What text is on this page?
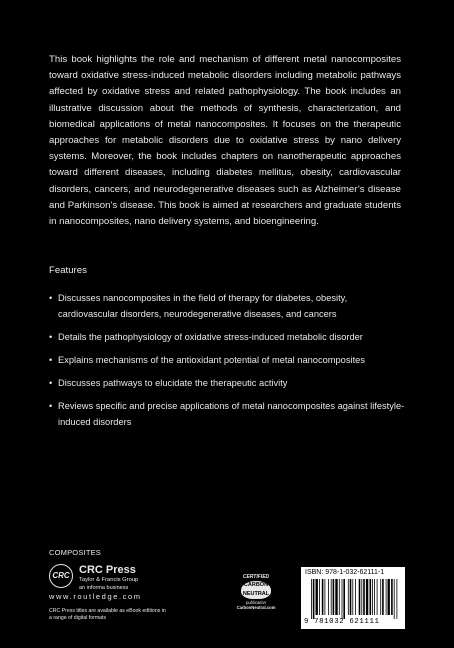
This book highlights the role and mechanism of different metal nanocomposites toward oxidative stress-induced metabolic disorders including metabolic pathways affected by oxidative stress and related pathophysiology. The book includes an illustrative discussion about the methods of synthesis, characterization, and biomedical applications of metal nanocomposites. It focuses on the therapeutic approaches for metabolic disorders due to oxidative stress by nano delivery systems. Moreover, the book includes chapters on nanotherapeutic approaches toward different diseases, including diabetes mellitus, obesity, cardiovascular disorders, cancers, and neurodegenerative diseases such as Alzheimer’s disease and Parkinson’s disease. This book is aimed at researchers and graduate students in nanocomposites, nano delivery systems, and bioengineering.

Features

• Discusses nanocomposites in the field of therapy for diabetes, obesity, cardiovascular disorders, neurodegenerative diseases, and cancers
• Details the pathophysiology of oxidative stress-induced metabolic disorder
• Explains mechanisms of the antioxidant potential of metal nanocomposites
• Discusses pathways to elucidate the therapeutic activity
• Reviews specific and precise applications of metal nanocomposites against lifestyle-induced disorders
COMPOSITES
CRC CRC Press
Taylor & Francis Group
an informa business
www.routledge.com
CRC Press titles are available as eBook editions in a range of digital formats
CERTIFIED
CARBON NEUTRAL
publication
CarbonNeutral.com
ISBN: 978-1-032-62111-1
9 781032 621111
